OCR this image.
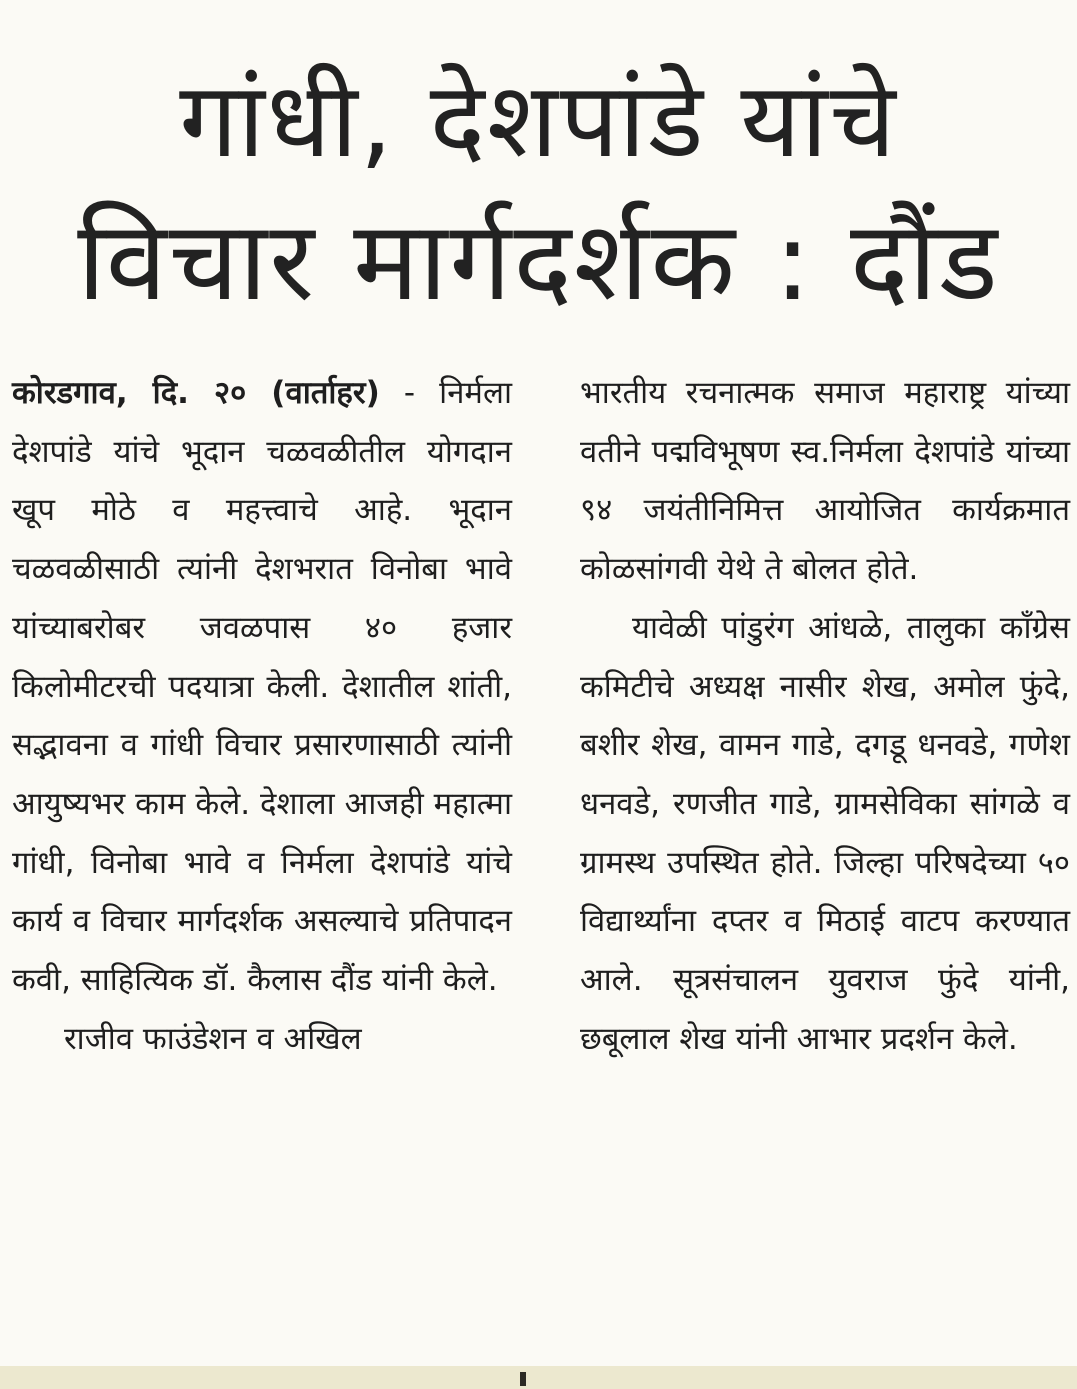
गांधी, देशपांडे यांचे
विचार मार्गदर्शक : दौंड

कोरडगाव, दि. २० (वार्ताहर) - निर्मला देशपांडे यांचे भूदान चळवळीतील योगदान खूप मोठे व महत्त्वाचे आहे. भूदान चळवळीसाठी त्यांनी देशभरात विनोबा भावे यांच्याबरोबर जवळपास ४० हजार किलोमीटरची पदयात्रा केली. देशातील शांती, सद्भावना व गांधी विचार प्रसारणासाठी त्यांनी आयुष्यभर काम केले. देशाला आजही महात्मा गांधी, विनोबा भावे व निर्मला देशपांडे यांचे कार्य व विचार मार्गदर्शक असल्याचे प्रतिपादन कवी, साहित्यिक डॉ. कैलास दौंड यांनी केले.

राजीव फाउंडेशन व अखिल

भारतीय रचनात्मक समाज महाराष्ट्र यांच्या वतीने पद्मविभूषण स्व.निर्मला देशपांडे यांच्या ९४ जयंतीनिमित्त आयोजित कार्यक्रमात कोळसांगवी येथे ते बोलत होते.

यावेळी पांडुरंग आंधळे, तालुका काँग्रेस कमिटीचे अध्यक्ष नासीर शेख, अमोल फुंदे, बशीर शेख, वामन गाडे, दगडू धनवडे, गणेश धनवडे, रणजीत गाडे, ग्रामसेविका सांगळे व ग्रामस्थ उपस्थित होते. जिल्हा परिषदेच्या ५० विद्यार्थ्यांना दप्तर व मिठाई वाटप करण्यात आले. सूत्रसंचालन युवराज फुंदे यांनी, छबूलाल शेख यांनी आभार प्रदर्शन केले.
